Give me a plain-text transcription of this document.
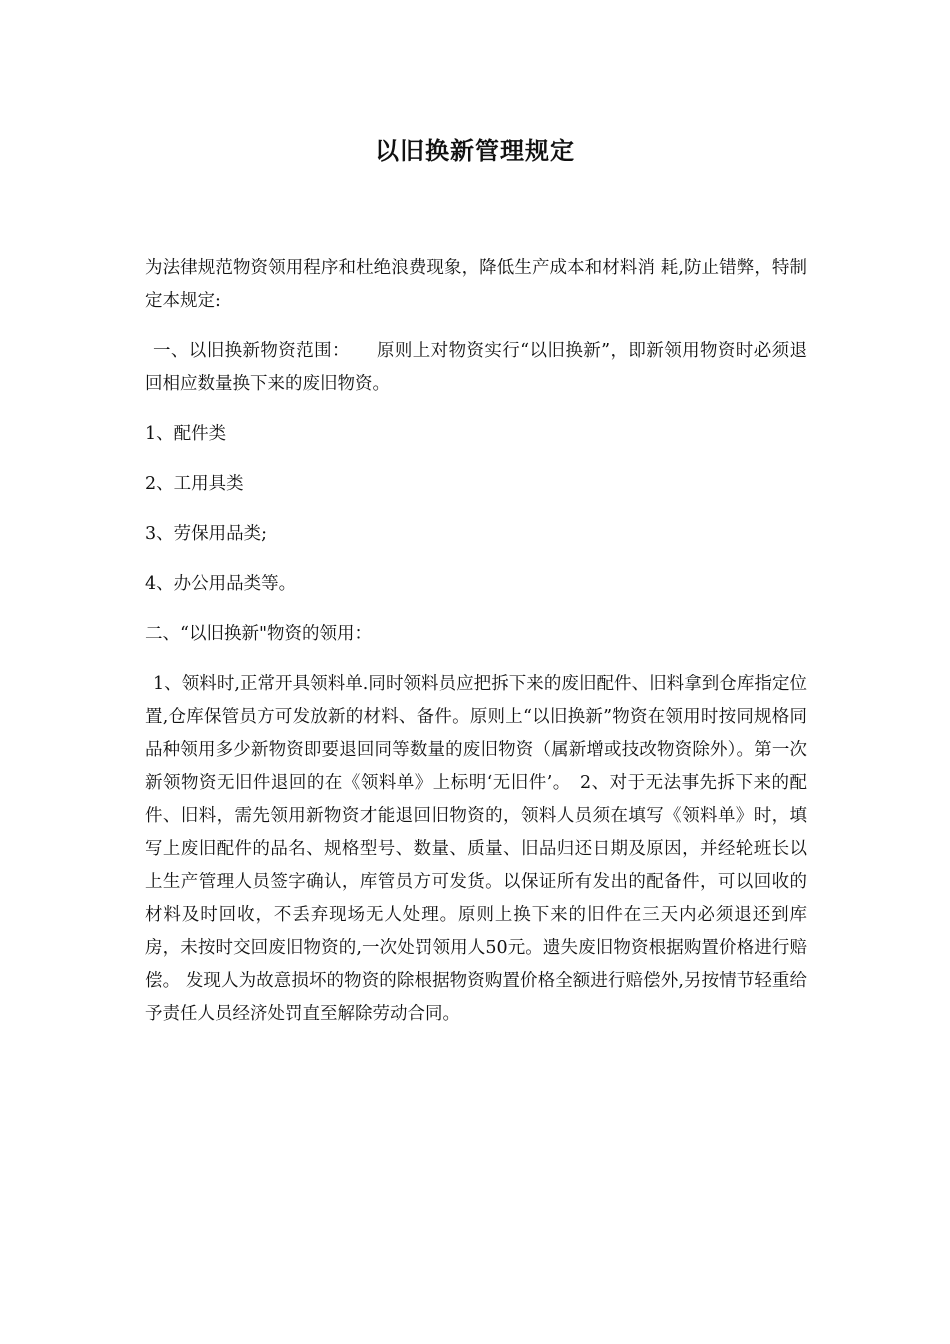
以旧换新管理规定

为法律规范物资领用程序和杜绝浪费现象，降低生产成本和材料消 耗,防止错弊，特制定本规定:

一、以旧换新物资范围：　　原则上对物资实行“以旧换新”，即新领用物资时必须退回相应数量换下来的废旧物资。

1、配件类

2、工用具类

3、劳保用品类;

4、办公用品类等。

二、“以旧换新"物资的领用：

1、领料时,正常开具领料单.同时领料员应把拆下来的废旧配件、旧料拿到仓库指定位置,仓库保管员方可发放新的材料、备件。原则上“以旧换新”物资在领用时按同规格同品种领用多少新物资即要退回同等数量的废旧物资（属新增或技改物资除外）。第一次新领物资无旧件退回的在《领料单》上标明‘无旧件’。　2、对于无法事先拆下来的配件、旧料，需先领用新物资才能退回旧物资的，领料人员须在填写《领料单》时，填写上废旧配件的品名、规格型号、数量、质量、旧品归还日期及原因，并经轮班长以上生产管理人员签字确认，库管员方可发货。以保证所有发出的配备件，可以回收的材料及时回收，不丢弃现场无人处理。原则上换下来的旧件在三天内必须退还到库房，未按时交回废旧物资的,一次处罚领用人50元。遗失废旧物资根据购置价格进行赔偿。 发现人为故意损坏的物资的除根据物资购置价格全额进行赔偿外,另按情节轻重给予责任人员经济处罚直至解除劳动合同。
